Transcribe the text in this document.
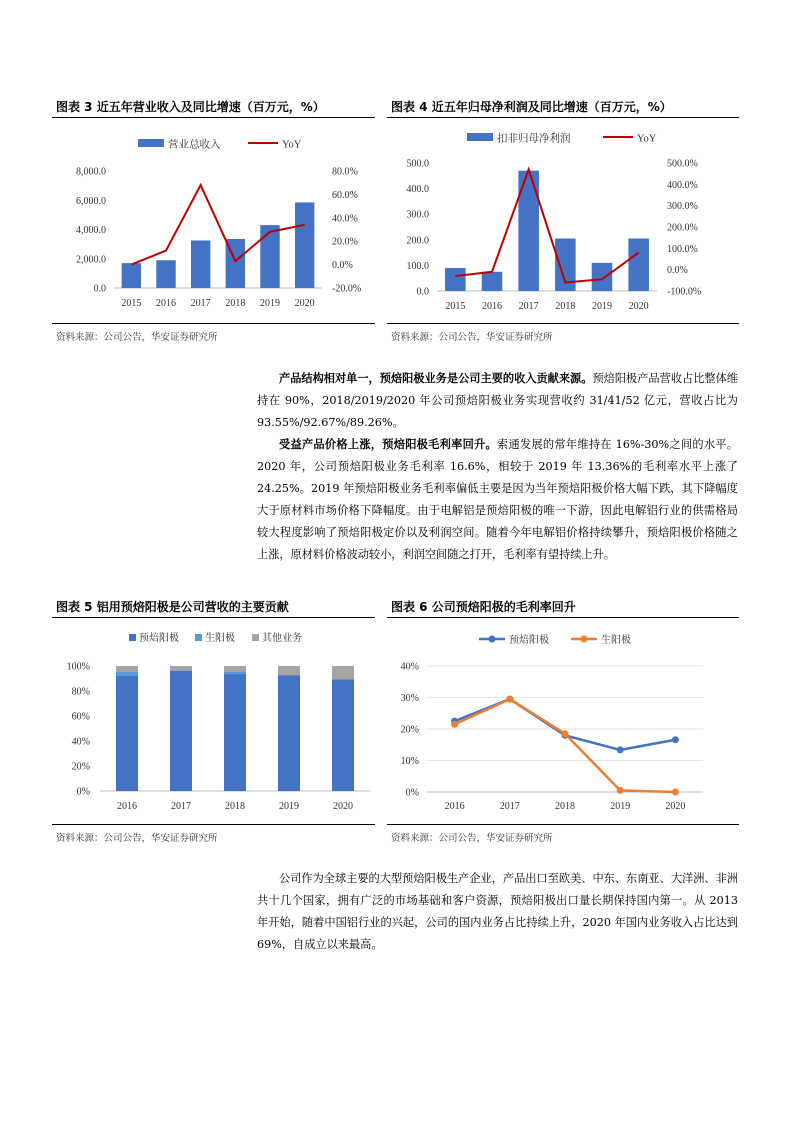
图表 3 近五年营业收入及同比增速（百万元，%）
0.0
2,000.0
4,000.0
6,000.0
8,000.0
-20.0%
0.0%
20.0%
40.0%
60.0%
80.0%
2015 2016 2017 2018 2019 2020
营业总收入	YoY
资料来源：公司公告，华安证券研究所
图表 4 近五年归母净利润及同比增速（百万元，%）
0.0
100.0
200.0
300.0
400.0
500.0
-100.0%
0.0%
100.0%
200.0%
300.0%
400.0%
500.0%
2015 2016 2017 2018 2019 2020
扣非归母净利润	YoY
资料来源：公司公告，华安证券研究所
产品结构相对单一，预焙阳极业务是公司主要的收入贡献来源。预焙阳极产品营收占比整体维持在 90%，2018/2019/2020 年公司预焙阳极业务实现营收约 31/41/52 亿元，营收占比为 93.55%/92.67%/89.26%。
受益产品价格上涨，预焙阳极毛利率回升。索通发展的常年维持在 16%-30%之间的水平。2020 年，公司预焙阳极业务毛利率 16.6%，相较于 2019 年 13.36%的毛利率水平上涨了 24.25%。2019 年预焙阳极业务毛利率偏低主要是因为当年预焙阳极价格大幅下跌，其下降幅度大于原材料市场价格下降幅度。由于电解铝是预焙阳极的唯一下游，因此电解铝行业的供需格局较大程度影响了预焙阳极定价以及利润空间。随着今年电解铝价格持续攀升，预焙阳极价格随之上涨，原材料价格波动较小，利润空间随之打开，毛利率有望持续上升。
图表 5 铝用预焙阳极是公司营收的主要贡献
0%
20%
40%
60%
80%
100%
2016	2017	2018	2019	2020
预焙阳极	生阳极	其他业务
资料来源：公司公告，华安证券研究所
图表 6 公司预焙阳极的毛利率回升
0%
10%
20%
30%
40%
2016	2017	2018	2019	2020
预焙阳极	生阳极
资料来源：公司公告，华安证券研究所
公司作为全球主要的大型预焙阳极生产企业，产品出口至欧美、中东、东南亚、大洋洲、非洲共十几个国家，拥有广泛的市场基础和客户资源，预焙阳极出口量长期保持国内第一。从 2013 年开始，随着中国铝行业的兴起，公司的国内业务占比持续上升，2020 年国内业务收入占比达到 69%，自成立以来最高。
